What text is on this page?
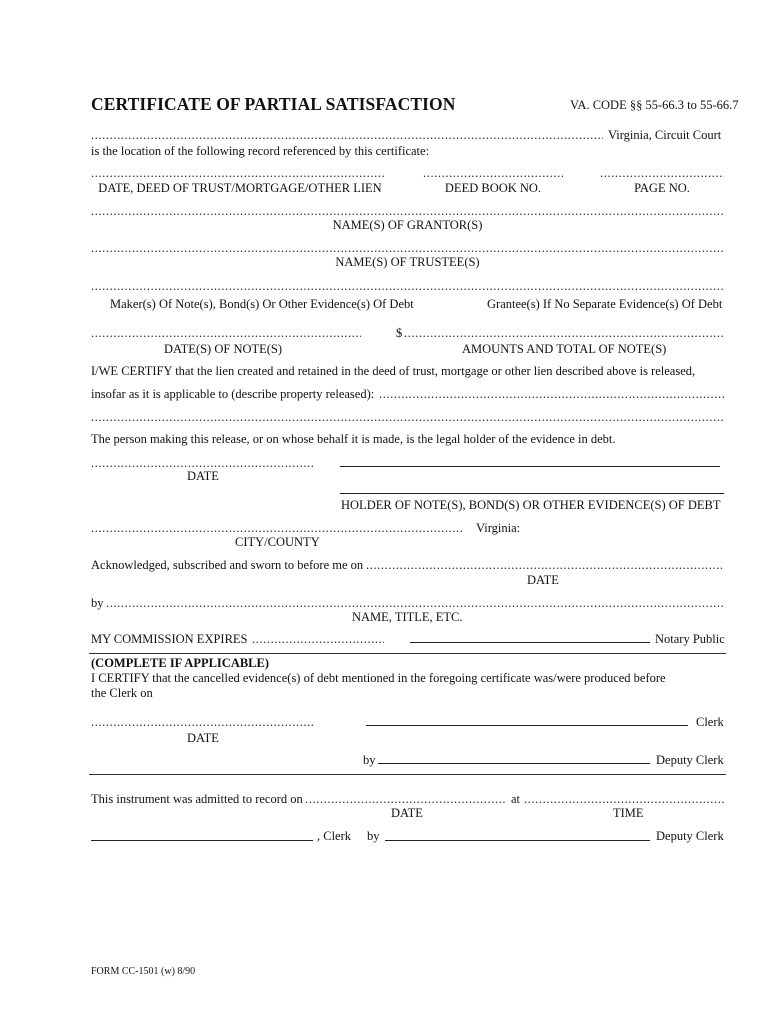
CERTIFICATE OF PARTIAL SATISFACTION	VA. CODE §§ 55-66.3 to 55-66.7
.....
Virginia, Circuit Court
is the location of the following record referenced by this certificate:
.....
.....
.....
DATE, DEED OF TRUST/MORTGAGE/OTHER LIEN	DEED BOOK NO.	PAGE NO.
.....
NAME(S) OF GRANTOR(S)
.....
NAME(S) OF TRUSTEE(S)
.....
Maker(s) Of Note(s), Bond(s) Or Other Evidence(s) Of Debt	Grantee(s) If No Separate Evidence(s) Of Debt
.....
$
.....
DATE(S) OF NOTE(S)	AMOUNTS AND TOTAL OF NOTE(S)
I/WE CERTIFY that the lien created and retained in the deed of trust, mortgage or other lien described above is released,
insofar as it is applicable to (describe property released):
.....
.....
The person making this release, or on whose behalf it is made, is the legal holder of the evidence in debt.
.....
DATE
HOLDER OF NOTE(S), BOND(S) OR OTHER EVIDENCE(S) OF DEBT
.....
Virginia:
CITY/COUNTY
Acknowledged, subscribed and sworn to before me on
.....
DATE
by
.....
NAME, TITLE, ETC.
MY COMMISSION EXPIRES .....	Notary Public
(COMPLETE IF APPLICABLE)
I CERTIFY that the cancelled evidence(s) of debt mentioned in the foregoing certificate was/were produced before
the Clerk on
.....
Clerk
DATE
by	Deputy Clerk
This instrument was admitted to record on .....	at
.....
DATE	TIME
, Clerk by	Deputy Clerk
FORM CC-1501 (w) 8/90
